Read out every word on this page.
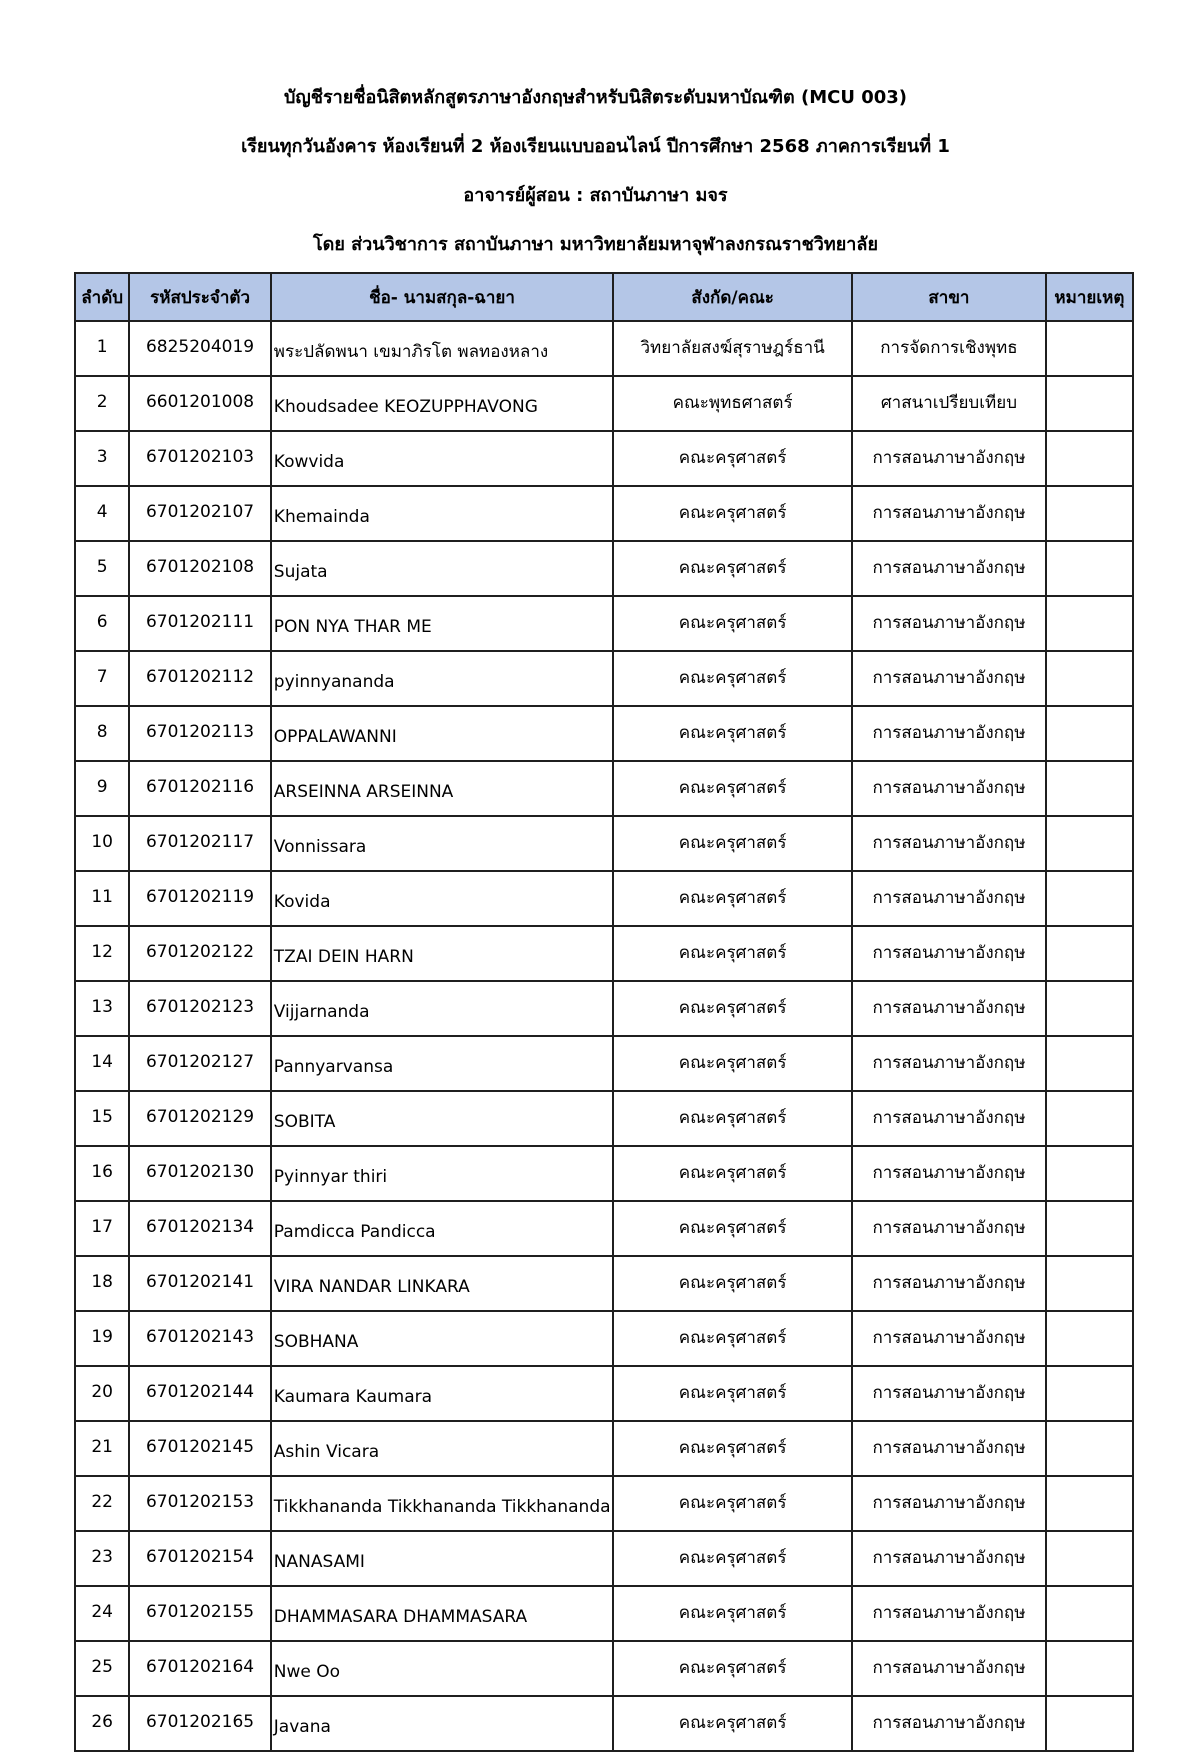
บัญชีรายชื่อนิสิตหลักสูตรภาษาอังกฤษสำหรับนิสิตระดับมหาบัณฑิต (MCU 003)
เรียนทุกวันอังคาร ห้องเรียนที่ 2 ห้องเรียนแบบออนไลน์ ปีการศึกษา 2568 ภาคการเรียนที่ 1
อาจารย์ผู้สอน : สถาบันภาษา มจร
โดย ส่วนวิชาการ สถาบันภาษา มหาวิทยาลัยมหาจุฬาลงกรณราชวิทยาลัย
ลำดับ	รหัสประจำตัว	ชื่อ- นามสกุล-ฉายา	สังกัด/คณะ	สาขา	หมายเหตุ
1	6825204019	พระปลัดพนา เขมาภิรโต พลทองหลาง	วิทยาลัยสงฆ์สุราษฎร์ธานี	การจัดการเชิงพุทธ	
2	6601201008	Khoudsadee KEOZUPPHAVONG	คณะพุทธศาสตร์	ศาสนาเปรียบเทียบ	
3	6701202103	Kowvida	คณะครุศาสตร์	การสอนภาษาอังกฤษ	
4	6701202107	Khemainda	คณะครุศาสตร์	การสอนภาษาอังกฤษ	
5	6701202108	Sujata	คณะครุศาสตร์	การสอนภาษาอังกฤษ	
6	6701202111	PON NYA THAR ME	คณะครุศาสตร์	การสอนภาษาอังกฤษ	
7	6701202112	pyinnyananda	คณะครุศาสตร์	การสอนภาษาอังกฤษ	
8	6701202113	OPPALAWANNI	คณะครุศาสตร์	การสอนภาษาอังกฤษ	
9	6701202116	ARSEINNA ARSEINNA	คณะครุศาสตร์	การสอนภาษาอังกฤษ	
10	6701202117	Vonnissara	คณะครุศาสตร์	การสอนภาษาอังกฤษ	
11	6701202119	Kovida	คณะครุศาสตร์	การสอนภาษาอังกฤษ	
12	6701202122	TZAI DEIN HARN	คณะครุศาสตร์	การสอนภาษาอังกฤษ	
13	6701202123	Vijjarnanda	คณะครุศาสตร์	การสอนภาษาอังกฤษ	
14	6701202127	Pannyarvansa	คณะครุศาสตร์	การสอนภาษาอังกฤษ	
15	6701202129	SOBITA	คณะครุศาสตร์	การสอนภาษาอังกฤษ	
16	6701202130	Pyinnyar thiri	คณะครุศาสตร์	การสอนภาษาอังกฤษ	
17	6701202134	Pamdicca Pandicca	คณะครุศาสตร์	การสอนภาษาอังกฤษ	
18	6701202141	VIRA NANDAR LINKARA	คณะครุศาสตร์	การสอนภาษาอังกฤษ	
19	6701202143	SOBHANA	คณะครุศาสตร์	การสอนภาษาอังกฤษ	
20	6701202144	Kaumara Kaumara	คณะครุศาสตร์	การสอนภาษาอังกฤษ	
21	6701202145	Ashin Vicara	คณะครุศาสตร์	การสอนภาษาอังกฤษ	
22	6701202153	Tikkhananda Tikkhananda Tikkhananda	คณะครุศาสตร์	การสอนภาษาอังกฤษ	
23	6701202154	NANASAMI	คณะครุศาสตร์	การสอนภาษาอังกฤษ	
24	6701202155	DHAMMASARA DHAMMASARA	คณะครุศาสตร์	การสอนภาษาอังกฤษ	
25	6701202164	Nwe Oo	คณะครุศาสตร์	การสอนภาษาอังกฤษ	
26	6701202165	Javana	คณะครุศาสตร์	การสอนภาษาอังกฤษ	
